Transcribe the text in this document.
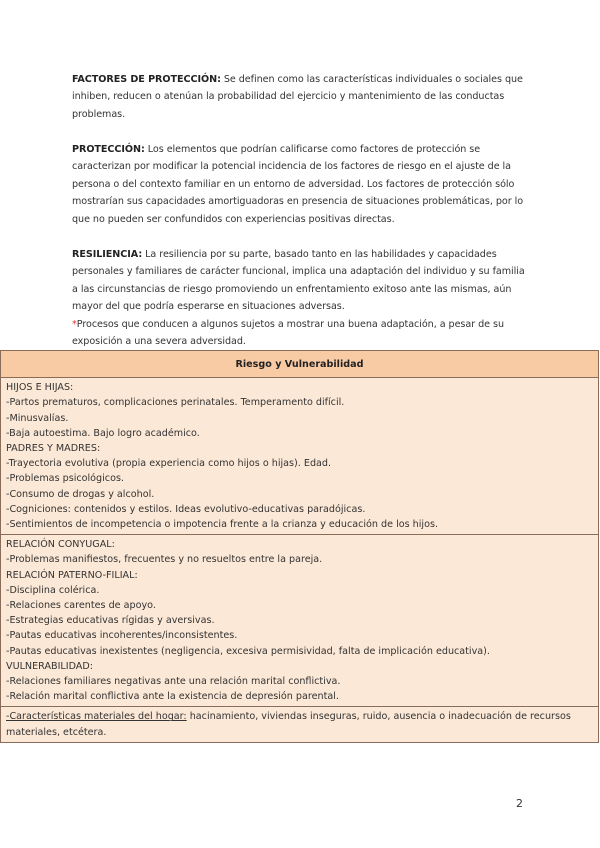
FACTORES DE PROTECCIÓN: Se definen como las características individuales o sociales que inhiben, reducen o atenúan la probabilidad del ejercicio y mantenimiento de las conductas problemas.

PROTECCIÓN: Los elementos que podrían calificarse como factores de protección se caracterizan por modificar la potencial incidencia de los factores de riesgo en el ajuste de la persona o del contexto familiar en un entorno de adversidad. Los factores de protección sólo mostrarían sus capacidades amortiguadoras en presencia de situaciones problemáticas, por lo que no pueden ser confundidos con experiencias positivas directas.

RESILIENCIA: La resiliencia por su parte, basado tanto en las habilidades y capacidades personales y familiares de carácter funcional, implica una adaptación del individuo y su familia a las circunstancias de riesgo promoviendo un enfrentamiento exitoso ante las mismas, aún mayor del que podría esperarse en situaciones adversas.
*Procesos que conducen a algunos sujetos a mostrar una buena adaptación, a pesar de su exposición a una severa adversidad.

Riesgo y Vulnerabilidad

HIJOS E HIJAS:
-Partos prematuros, complicaciones perinatales. Temperamento difícil.
-Minusvalías.
-Baja autoestima. Bajo logro académico.
PADRES Y MADRES:
-Trayectoria evolutiva (propia experiencia como hijos o hijas). Edad.
-Problemas psicológicos.
-Consumo de drogas y alcohol.
-Cogniciones: contenidos y estilos. Ideas evolutivo-educativas paradójicas.
-Sentimientos de incompetencia o impotencia frente a la crianza y educación de los hijos.

RELACIÓN CONYUGAL:
-Problemas manifiestos, frecuentes y no resueltos entre la pareja.
RELACIÓN PATERNO-FILIAL:
-Disciplina colérica.
-Relaciones carentes de apoyo.
-Estrategias educativas rígidas y aversivas.
-Pautas educativas incoherentes/inconsistentes.
-Pautas educativas inexistentes (negligencia, excesiva permisividad, falta de implicación educativa).
VULNERABILIDAD:
-Relaciones familiares negativas ante una relación marital conflictiva.
-Relación marital conflictiva ante la existencia de depresión parental.

-Características materiales del hogar: hacinamiento, viviendas inseguras, ruido, ausencia o inadecuación de recursos materiales, etcétera.
2
